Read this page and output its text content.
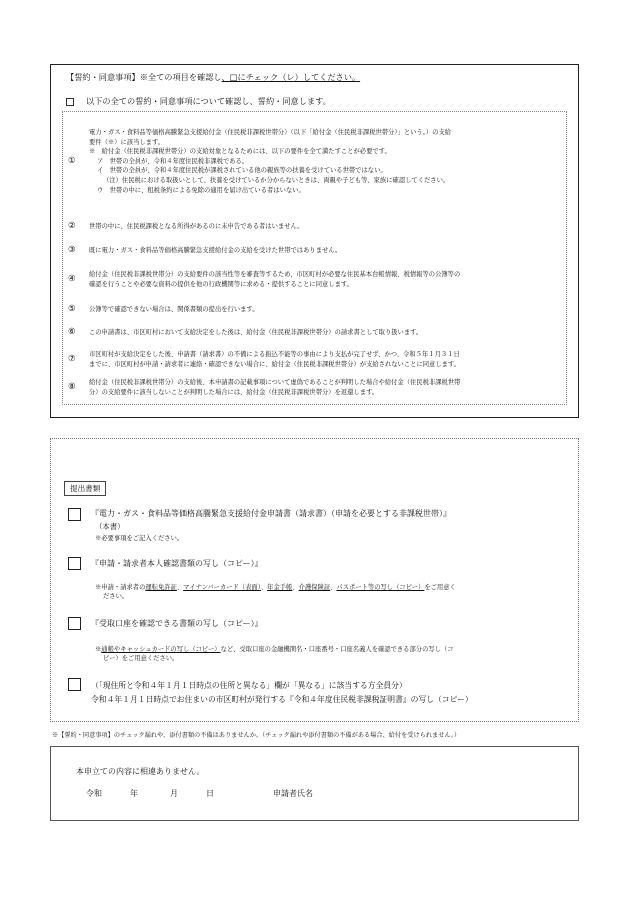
【誓約・同意事項】※全ての項目を確認し、□にチェック（レ）してください。
以下の全ての誓約・同意事項について確認し、誓約・同意します。
①
電力・ガス・食料品等価格高騰緊急支援給付金（住民税非課税世帯分）（以下「給付金（住民税非課税世帯分）」という。）の支給
要件（※）に該当します。
※　給付金（住民税非課税世帯分）の支給対象となるためには、以下の要件を全て満たすことが必要です。
ア　世帯の全員が、令和４年度住民税非課税である。
イ　世帯の全員が、令和４年度住民税が課税されている他の親族等の扶養を受けている世帯ではない。
（注）住民税における取扱いとして、扶養を受けているか分からないときは、両親や子ども等、家族に確認してください。
ウ　世帯の中に、租税条約による免除の適用を届け出ている者はいない。
② 世帯の中に、住民税課税となる所得があるのに未申告である者はいません。
③ 既に電力・ガス・食料品等価格高騰緊急支援給付金の支給を受けた世帯ではありません。
④ 給付金（住民税非課税世帯分）の支給要件の該当性等を審査等するため、市区町村が必要な住民基本台帳情報、税情報等の公簿等の
確認を行うことや必要な資料の提供を他の行政機関等に求める・提供することに同意します。
⑤ 公簿等で確認できない場合は、関係書類の提出を行います。
⑥ この申請書は、市区町村において支給決定をした後は、給付金（住民税非課税世帯分）の請求書として取り扱います。
⑦ 市区町村が支給決定をした後、申請書（請求書）の不備による振込不能等の事由により支払が完了せず、かつ、令和５年１月３１日
までに、市区町村が申請・請求者に連絡・確認できない場合に、給付金（住民税非課税世帯分）が支給されないことに同意します。
⑧ 給付金（住民税非課税世帯分）の支給後、本申請書の記載事項について虚偽であることが判明した場合や給付金（住民税非課税世帯
分）の支給要件に該当しないことが判明した場合には、給付金（住民税非課税世帯分）を返還します。
提出書類
『電力・ガス・食料品等価格高騰緊急支援給付金申請書（請求書）（申請を必要とする非課税世帯）』
（本書）
※必要事項をご記入ください。
『申請・請求者本人確認書類の写し（コピー）』
※申請・請求者の運転免許証、マイナンバーカード（表面）、年金手帳、介護保険証、パスポート等の写し（コピー）をご用意く
ださい。
『受取口座を確認できる書類の写し（コピー）』
※通帳やキャッシュカードの写し（コピー）など、受取口座の金融機関名・口座番号・口座名義人を確認できる部分の写し（コ
ピー）をご用意ください。
（「現住所と令和４年１月１日時点の住所と異なる」欄が「異なる」に該当する方全員分）
令和４年１月１日時点でお住まいの市区町村が発行する『令和４年度住民税非課税証明書』の写し（コピー）
※【誓約・同意事項】のチェック漏れや、添付書類の不備はありませんか。（チェック漏れや添付書類の不備がある場合、給付を受けられません。）
本申立ての内容に相違ありません。
令和	年	月	日	申請者氏名
